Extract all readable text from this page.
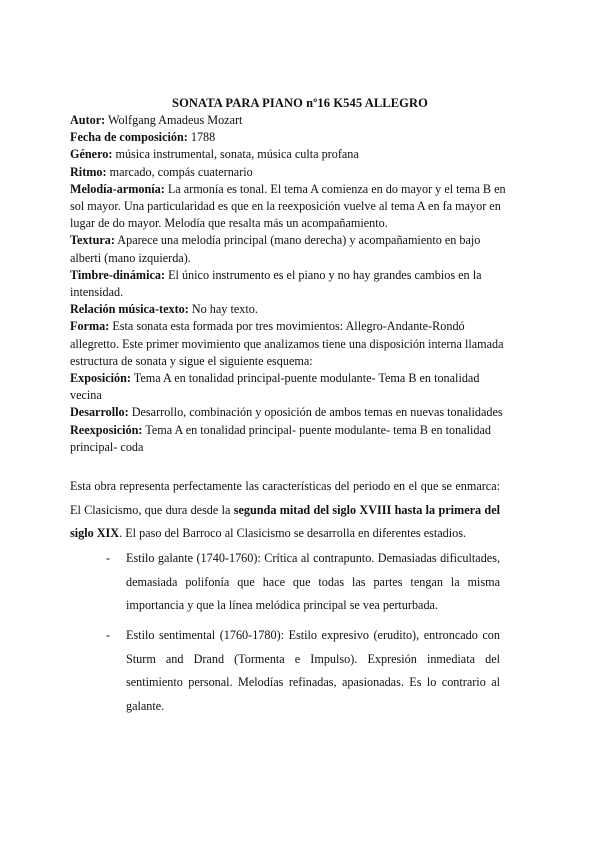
SONATA PARA PIANO nº16 K545 ALLEGRO

Autor: Wolfgang Amadeus Mozart

Fecha de composición: 1788

Género: música instrumental, sonata, música culta profana

Ritmo: marcado, compás cuaternario

Melodía-armonía: La armonía es tonal. El tema A comienza en do mayor y el tema B en sol mayor. Una particularidad es que en la reexposición vuelve al tema A en fa mayor en lugar de do mayor. Melodía que resalta más un acompañamiento.

Textura: Aparece una melodía principal (mano derecha) y acompañamiento en bajo alberti (mano izquierda).

Timbre-dinámica: El único instrumento es el piano y no hay grandes cambios en la intensidad.

Relación música-texto: No hay texto.

Forma: Esta sonata esta formada por tres movimientos: Allegro-Andante-Rondó allegretto. Este primer movimiento que analizamos tiene una disposición interna llamada estructura de sonata y sigue el siguiente esquema:

Exposición: Tema A en tonalidad principal-puente modulante- Tema B en tonalidad vecina

Desarrollo: Desarrollo, combinación y oposición de ambos temas en nuevas tonalidades

Reexposición: Tema A en tonalidad principal- puente modulante- tema B en tonalidad principal- coda

Esta obra representa perfectamente las características del periodo en el que se enmarca: El Clasicismo, que dura desde la segunda mitad del siglo XVIII hasta la primera del siglo XIX. El paso del Barroco al Clasicismo se desarrolla en diferentes estadios.

- Estilo galante (1740-1760): Crítica al contrapunto. Demasiadas dificultades, demasiada polifonía que hace que todas las partes tengan la misma importancia y que la línea melódica principal se vea perturbada.
- Estilo sentimental (1760-1780): Estilo expresivo (erudito), entroncado con Sturm and Drand (Tormenta e Impulso). Expresión inmediata del sentimiento personal. Melodías refinadas, apasionadas. Es lo contrario al galante.
